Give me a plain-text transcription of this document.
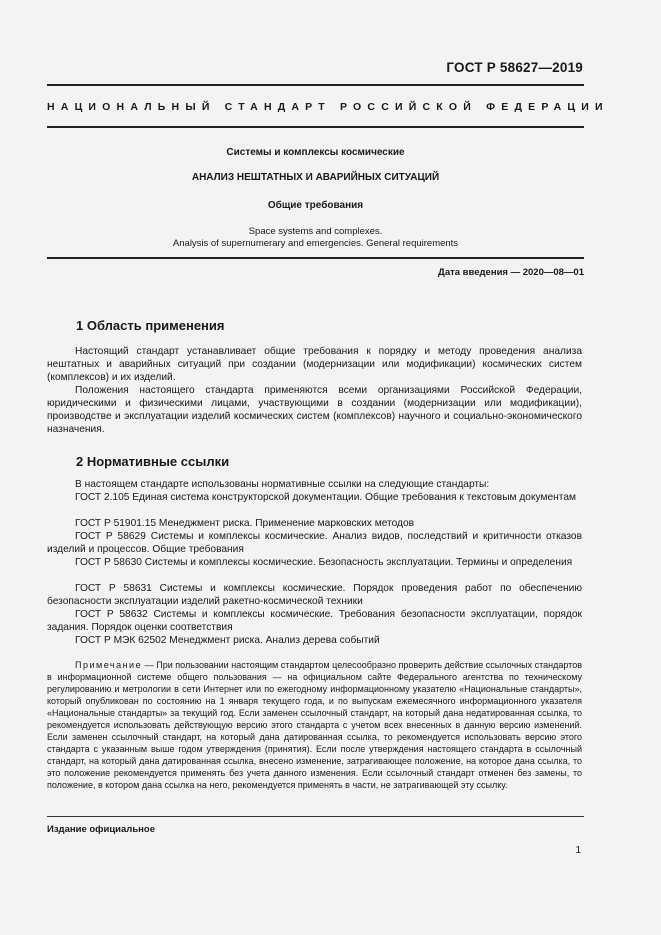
ГОСТ Р 58627—2019
НАЦИОНАЛЬНЫЙ СТАНДАРТ РОССИЙСКОЙ ФЕДЕРАЦИИ
Системы и комплексы космические
АНАЛИЗ НЕШТАТНЫХ И АВАРИЙНЫХ СИТУАЦИЙ
Общие требования
Space systems and complexes.
Analysis of supernumerary and emergencies. General requirements
Дата введения — 2020—08—01
1 Область применения
Настоящий стандарт устанавливает общие требования к порядку и методу проведения анализа нештатных и аварийных ситуаций при создании (модернизации или модификации) космических систем (комплексов) и их изделий.
Положения настоящего стандарта применяются всеми организациями Российской Федерации, юридическими и физическими лицами, участвующими в создании (модернизации или модификации), производстве и эксплуатации изделий космических систем (комплексов) научного и социально-экономического назначения.
2 Нормативные ссылки
В настоящем стандарте использованы нормативные ссылки на следующие стандарты:
ГОСТ 2.105 Единая система конструкторской документации. Общие требования к текстовым документам
ГОСТ Р 51901.15 Менеджмент риска. Применение марковских методов
ГОСТ Р 58629 Системы и комплексы космические. Анализ видов, последствий и критичности отказов изделий и процессов. Общие требования
ГОСТ Р 58630 Системы и комплексы космические. Безопасность эксплуатации. Термины и определения
ГОСТ Р 58631 Системы и комплексы космические. Порядок проведения работ по обеспечению безопасности эксплуатации изделий ракетно-космической техники
ГОСТ Р 58632 Системы и комплексы космические. Требования безопасности эксплуатации, порядок задания. Порядок оценки соответствия
ГОСТ Р МЭК 62502 Менеджмент риска. Анализ дерева событий
Примечание — При пользовании настоящим стандартом целесообразно проверить действие ссылочных стандартов в информационной системе общего пользования — на официальном сайте Федерального агентства по техническому регулированию и метрологии в сети Интернет или по ежегодному информационному указателю «Национальные стандарты», который опубликован по состоянию на 1 января текущего года, и по выпускам ежемесячного информационного указателя «Национальные стандарты» за текущий год. Если заменен ссылочный стандарт, на который дана недатированная ссылка, то рекомендуется использовать действующую версию этого стандарта с учетом всех внесенных в данную версию изменений. Если заменен ссылочный стандарт, на который дана датированная ссылка, то рекомендуется использовать версию этого стандарта с указанным выше годом утверждения (принятия). Если после утверждения настоящего стандарта в ссылочный стандарт, на который дана датированная ссылка, внесено изменение, затрагивающее положение, на которое дана ссылка, то это положение рекомендуется применять без учета данного изменения. Если ссылочный стандарт отменен без замены, то положение, в котором дана ссылка на него, рекомендуется применять в части, не затрагивающей эту ссылку.
Издание официальное
1
